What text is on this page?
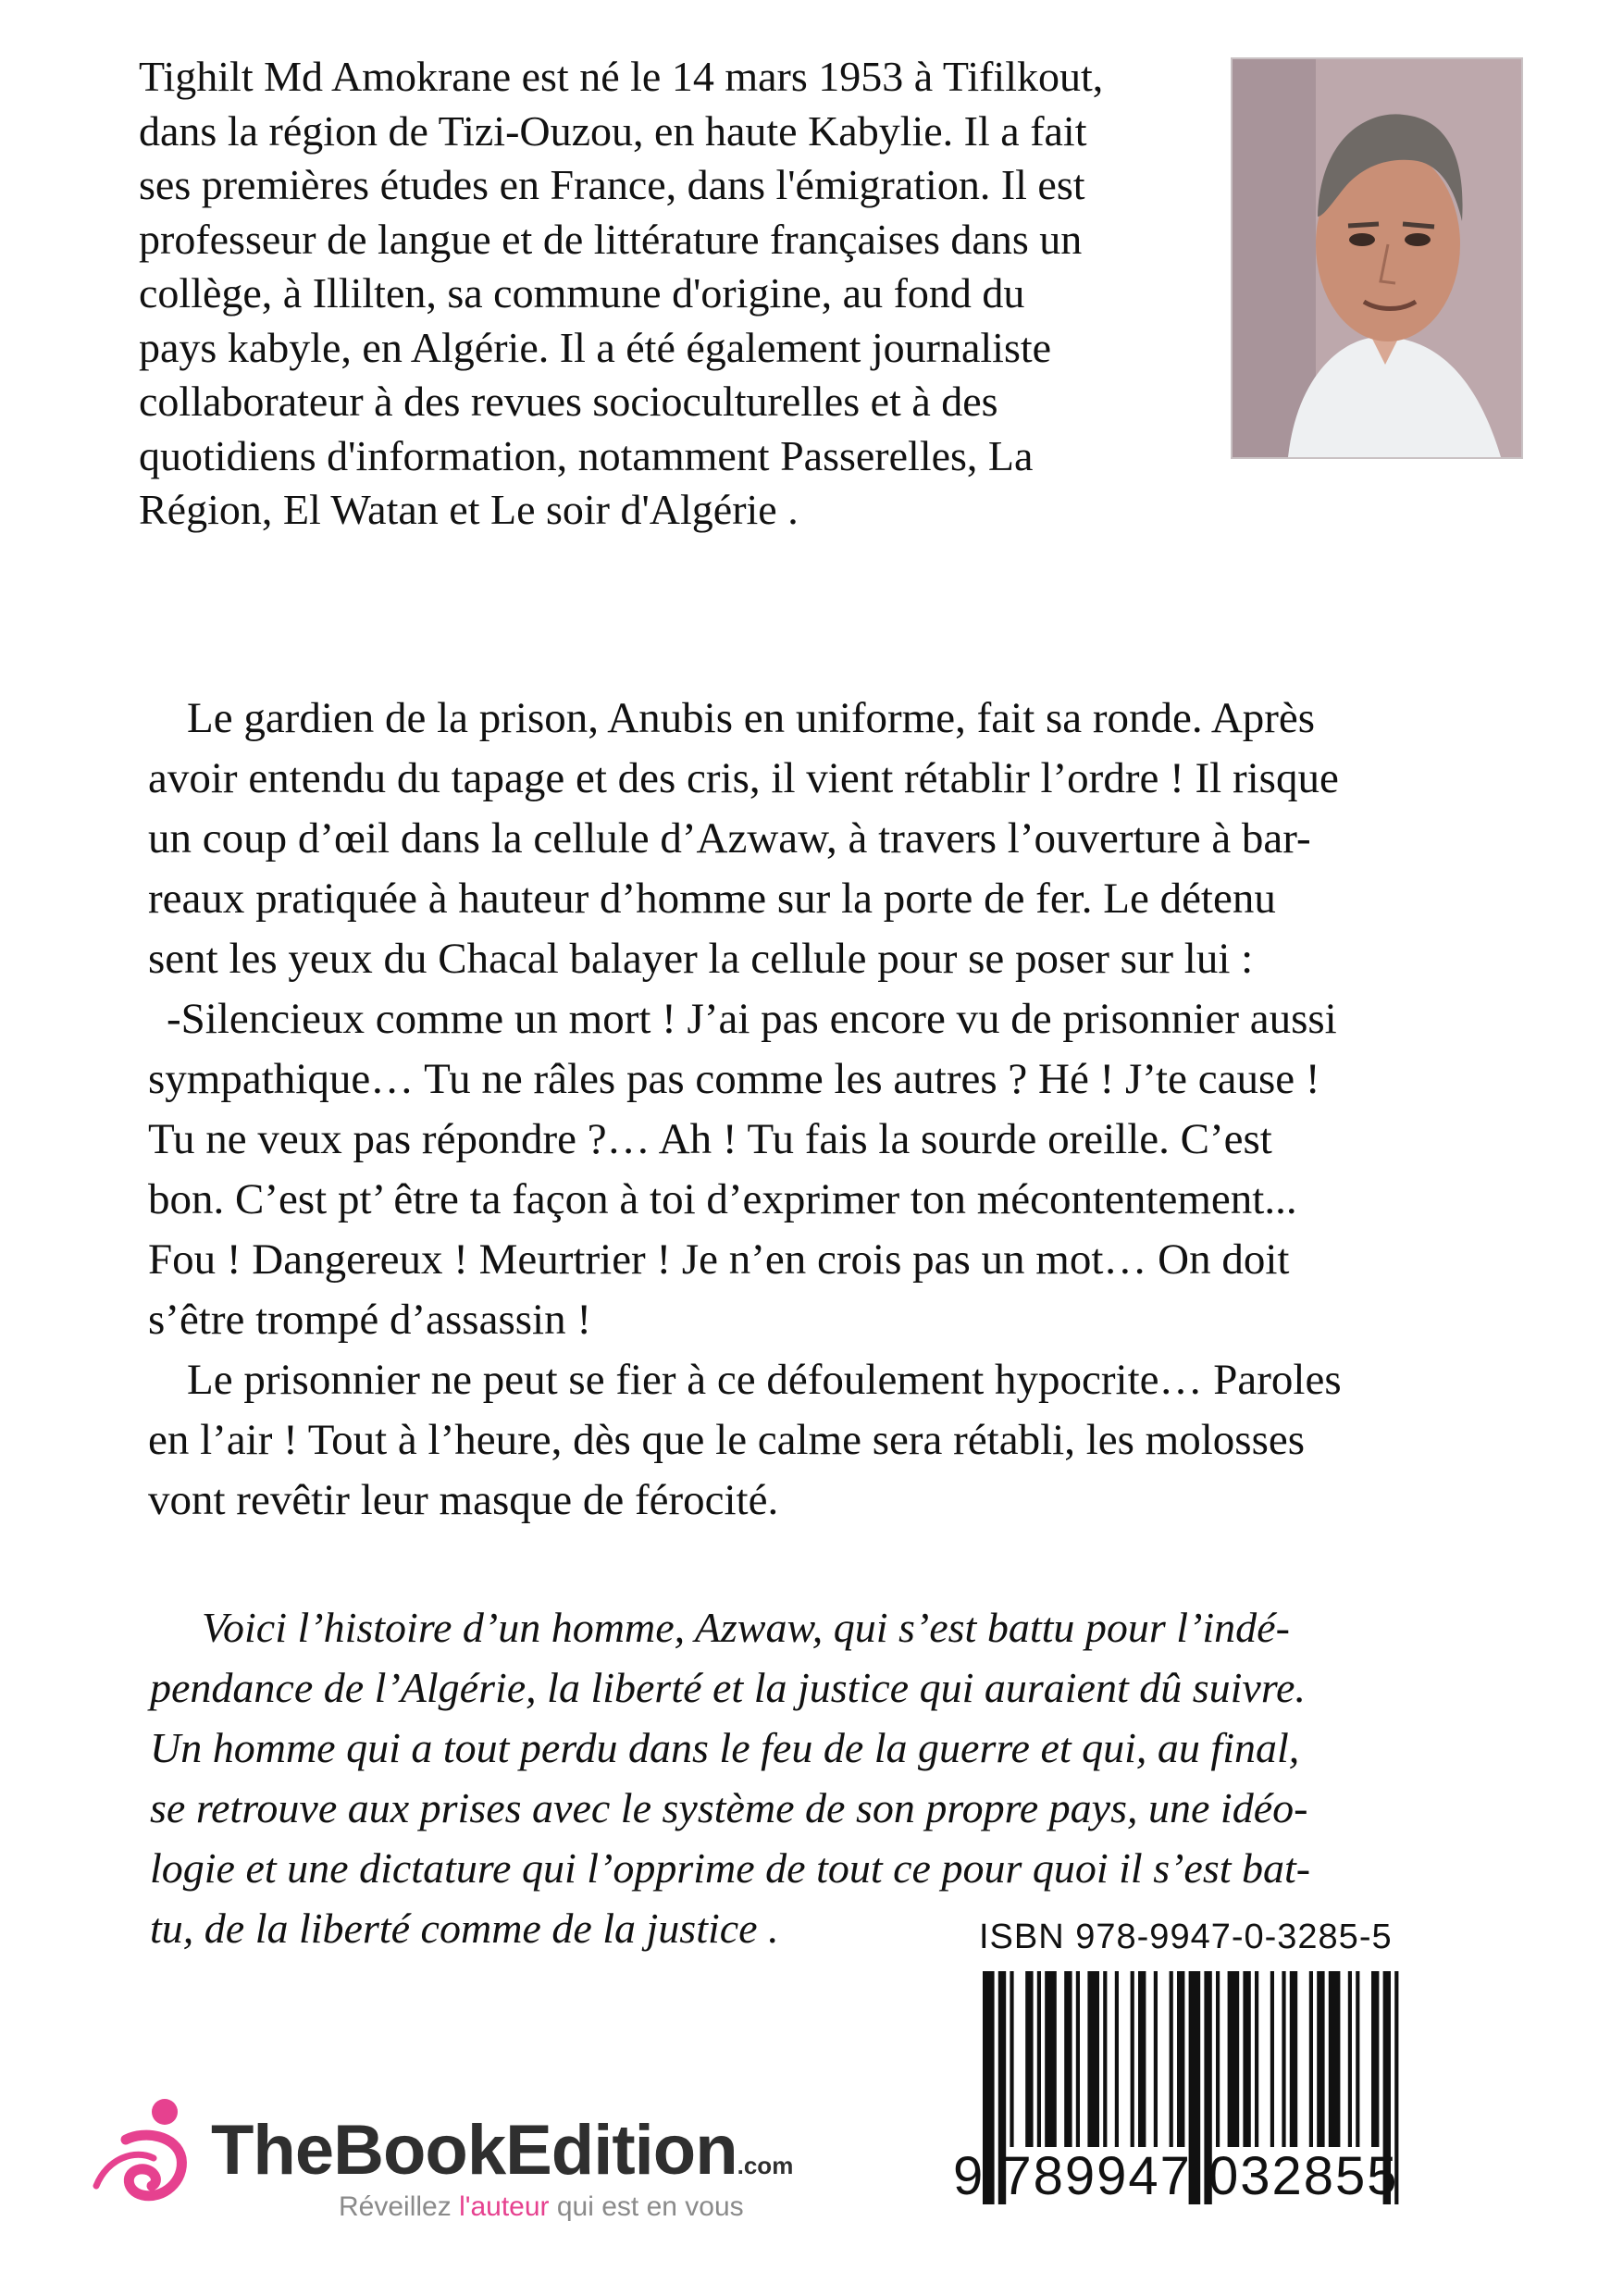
Tighilt Md Amokrane est né le 14 mars 1953 à Tifilkout,
dans la région de Tizi-Ouzou, en haute Kabylie. Il a fait
ses premières études en France, dans l'émigration. Il est
professeur de langue et de littérature françaises dans un
collège, à Illilten, sa commune d'origine, au fond du
pays kabyle, en Algérie. Il a été également journaliste
collaborateur à des revues socioculturelles et à des
quotidiens d'information, notamment Passerelles, La
Région, El Watan et Le soir d'Algérie .

Le gardien de la prison, Anubis en uniforme, fait sa ronde. Après
avoir entendu du tapage et des cris, il vient rétablir l’ordre ! Il risque
un coup d’œil dans la cellule d’Azwaw, à travers l’ouverture à bar-
reaux pratiquée à hauteur d’homme sur la porte de fer. Le détenu
sent les yeux du Chacal balayer la cellule pour se poser sur lui :
-Silencieux comme un mort ! J’ai pas encore vu de prisonnier aussi
sympathique… Tu ne râles pas comme les autres ? Hé ! J’te cause !
Tu ne veux pas répondre ?… Ah ! Tu fais la sourde oreille. C’est
bon. C’est pt’ être ta façon à toi d’exprimer ton mécontentement...
Fou ! Dangereux ! Meurtrier ! Je n’en crois pas un mot… On doit
s’être trompé d’assassin !
Le prisonnier ne peut se fier à ce défoulement hypocrite… Paroles
en l’air ! Tout à l’heure, dès que le calme sera rétabli, les molosses
vont revêtir leur masque de férocité.

Voici l’histoire d’un homme, Azwaw, qui s’est battu pour l’indé-
pendance de l’Algérie, la liberté et la justice qui auraient dû suivre.
Un homme qui a tout perdu dans le feu de la guerre et qui, au final,
se retrouve aux prises avec le système de son propre pays, une idéo-
logie et une dictature qui l’opprime de tout ce pour quoi il s’est bat-
tu, de la liberté comme de la justice .	ISBN 978-9947-0-3285-5
9 789947 032855
TheBookEdition.com
Réveillez l'auteur qui est en vous
